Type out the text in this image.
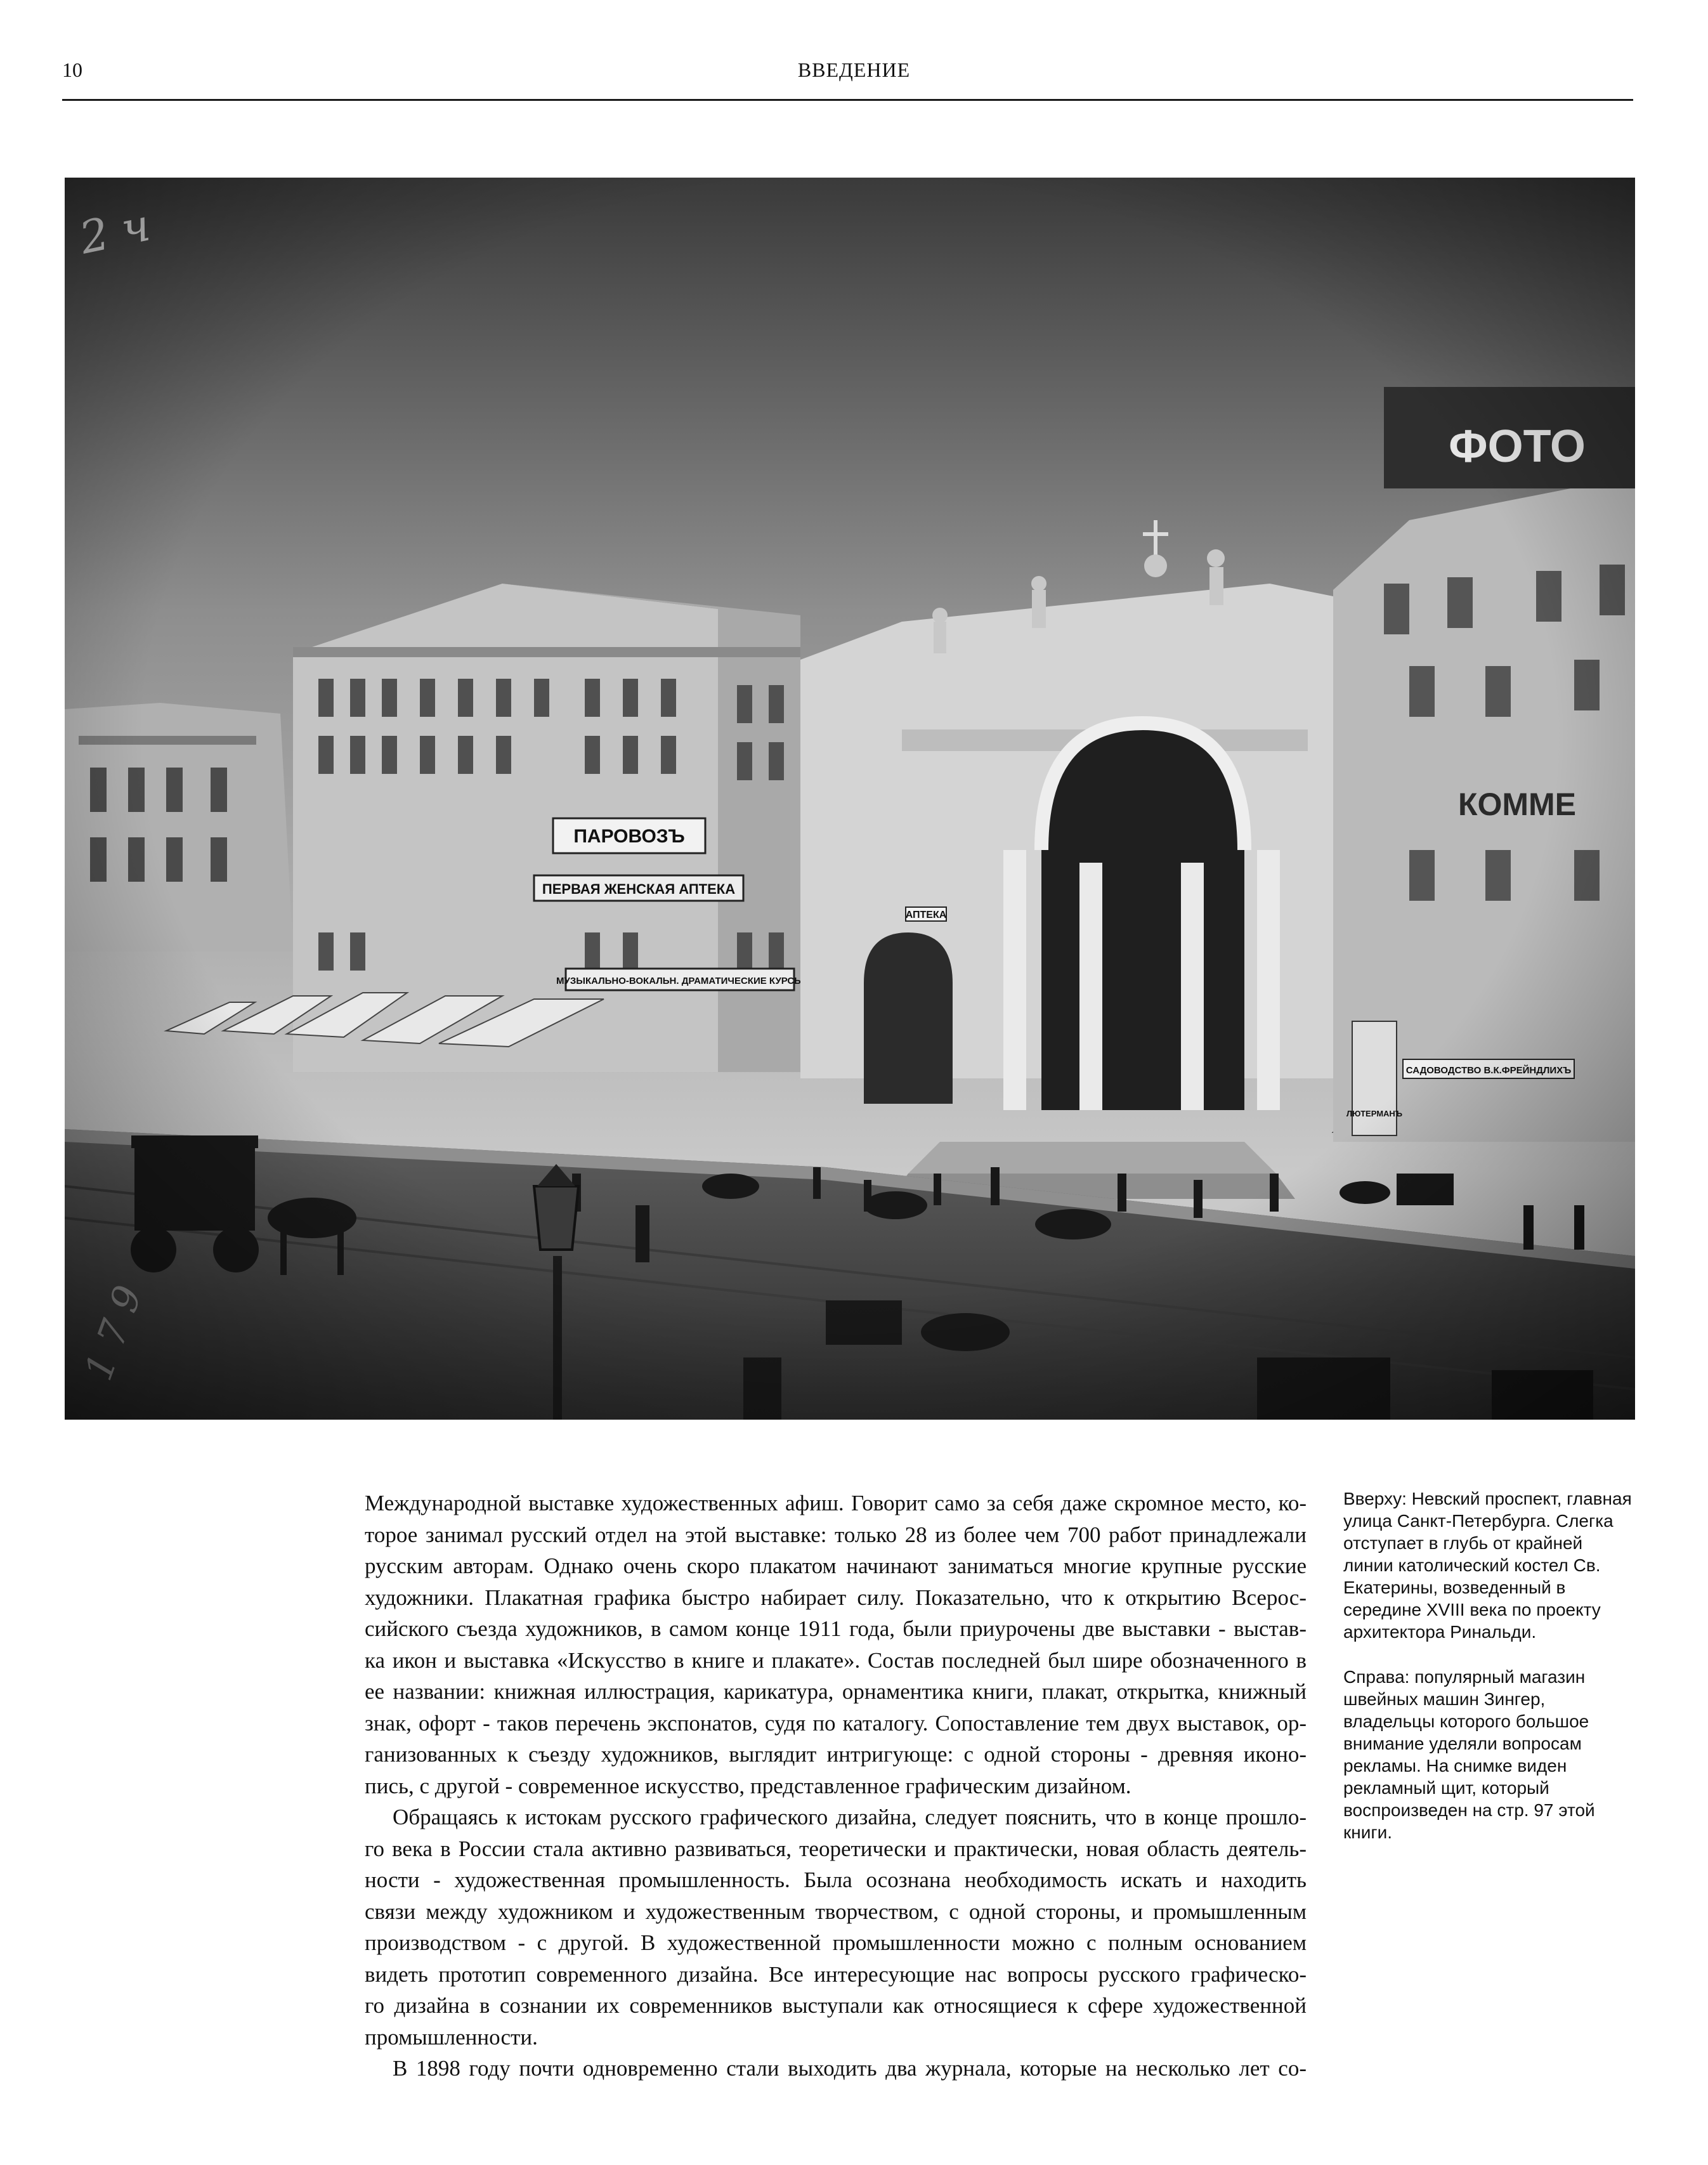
10	ВВЕДЕНИЕ

Международной выставке художественных афиш. Говорит само за себя даже скромное место, ко-

торое занимал русский отдел на этой выставке: только 28 из более чем 700 работ принадлежали

русским авторам. Однако очень скоро плакатом начинают заниматься многие крупные русские

художники. Плакатная графика быстро набирает силу. Показательно, что к открытию Всерос-

сийского съезда художников, в самом конце 1911 года, были приурочены две выставки - выстав-

ка икон и выставка «Искусство в книге и плакате». Состав последней был шире обозначенного в

ее названии: книжная иллюстрация, карикатура, орнаментика книги, плакат, открытка, книжный

знак, офорт - таков перечень экспонатов, судя по каталогу. Сопоставление тем двух выставок, ор-

ганизованных к съезду художников, выглядит интригующе: с одной стороны - древняя иконо-

пись, с другой - современное искусство, представленное графическим дизайном.

Обращаясь к истокам русского графического дизайна, следует пояснить, что в конце прошло-

го века в России стала активно развиваться, теоретически и практически, новая область деятель-

ности - художественная промышленность. Была осознана необходимость искать и находить

связи между художником и художественным творчеством, с одной стороны, и промышленным

производством - с другой. В художественной промышленности можно с полным основанием

видеть прототип современного дизайна. Все интересующие нас вопросы русского графическо-

го дизайна в сознании их современников выступали как относящиеся к сфере художественной

промышленности.

В 1898 году почти одновременно стали выходить два журнала, которые на несколько лет со-

Вверху: Невский проспект, главная
улица Санкт-Петербурга. Слегка
отступает в глубь от крайней
линии католический костел Св.
Екатерины, возведенный в
середине XVIII века по проекту
архитектора Ринальди.

Справа: популярный магазин
швейных машин Зингер,
владельцы которого большое
внимание уделяли вопросам
рекламы. На снимке виден
рекламный щит, который
воспроизведен на стр. 97 этой
книги.
